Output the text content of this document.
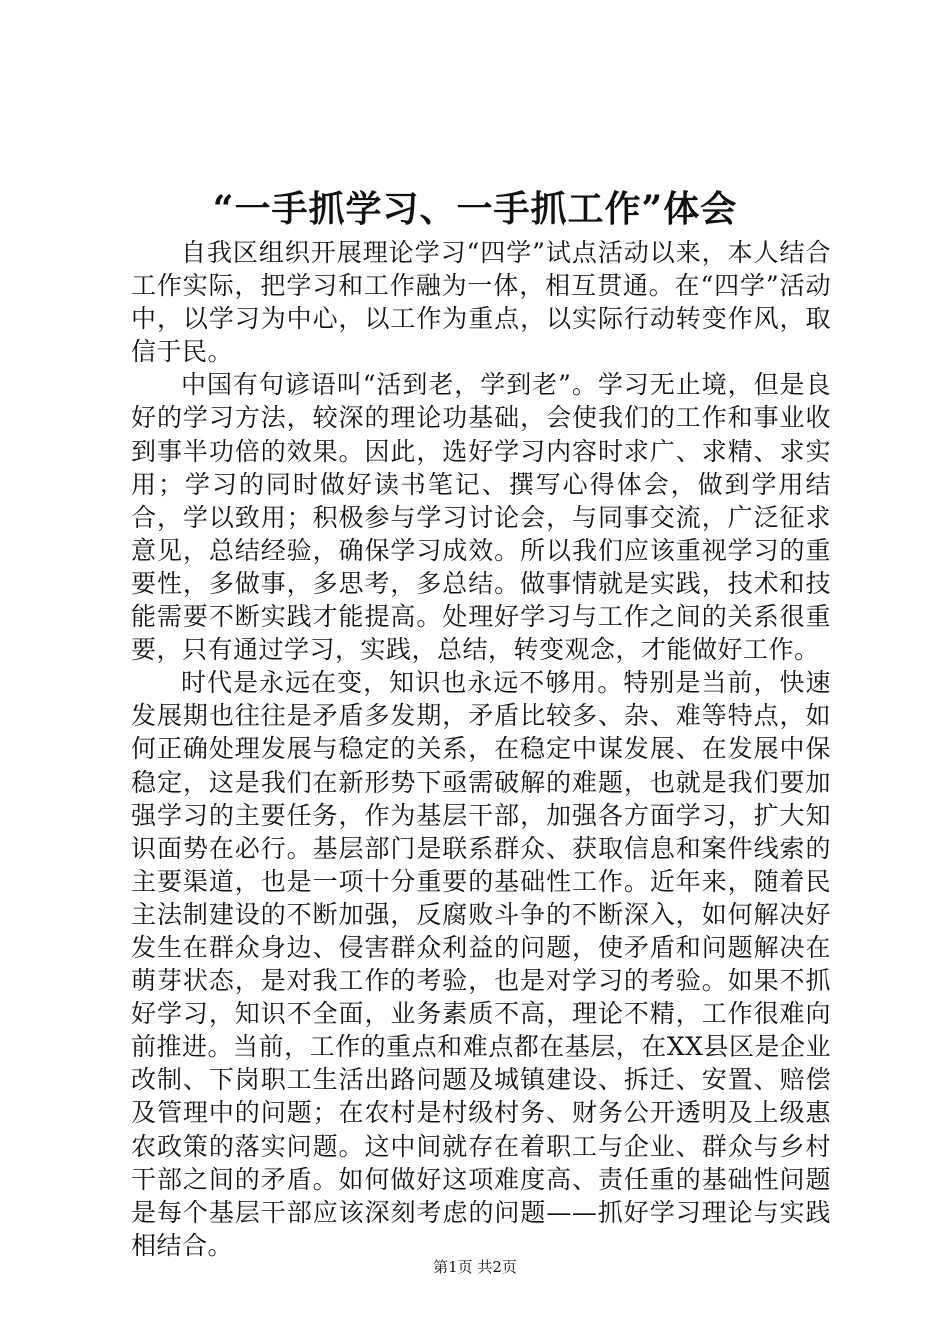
“一手抓学习、一手抓工作”体会

自我区组织开展理论学习“四学”试点活动以来，本人结合工作实际，把学习和工作融为一体，相互贯通。在“四学”活动中，以学习为中心，以工作为重点，以实际行动转变作风，取信于民。

中国有句谚语叫“活到老，学到老”。学习无止境，但是良好的学习方法，较深的理论功基础，会使我们的工作和事业收到事半功倍的效果。因此，选好学习内容时求广、求精、求实用；学习的同时做好读书笔记、撰写心得体会，做到学用结合，学以致用；积极参与学习讨论会，与同事交流，广泛征求意见，总结经验，确保学习成效。所以我们应该重视学习的重要性，多做事，多思考，多总结。做事情就是实践，技术和技能需要不断实践才能提高。处理好学习与工作之间的关系很重要，只有通过学习，实践，总结，转变观念，才能做好工作。

时代是永远在变，知识也永远不够用。特别是当前，快速发展期也往往是矛盾多发期，矛盾比较多、杂、难等特点，如何正确处理发展与稳定的关系，在稳定中谋发展、在发展中保稳定，这是我们在新形势下亟需破解的难题，也就是我们要加强学习的主要任务，作为基层干部，加强各方面学习，扩大知识面势在必行。基层部门是联系群众、获取信息和案件线索的主要渠道，也是一项十分重要的基础性工作。近年来，随着民主法制建设的不断加强，反腐败斗争的不断深入，如何解决好发生在群众身边、侵害群众利益的问题，使矛盾和问题解决在萌芽状态，是对我工作的考验，也是对学习的考验。如果不抓好学习，知识不全面，业务素质不高，理论不精，工作很难向前推进。当前，工作的重点和难点都在基层，在XX县区是企业改制、下岗职工生活出路问题及城镇建设、拆迁、安置、赔偿及管理中的问题；在农村是村级村务、财务公开透明及上级惠农政策的落实问题。这中间就存在着职工与企业、群众与乡村干部之间的矛盾。如何做好这项难度高、责任重的基础性问题是每个基层干部应该深刻考虑的问题——抓好学习理论与实践相结合。

第1页 共2页
